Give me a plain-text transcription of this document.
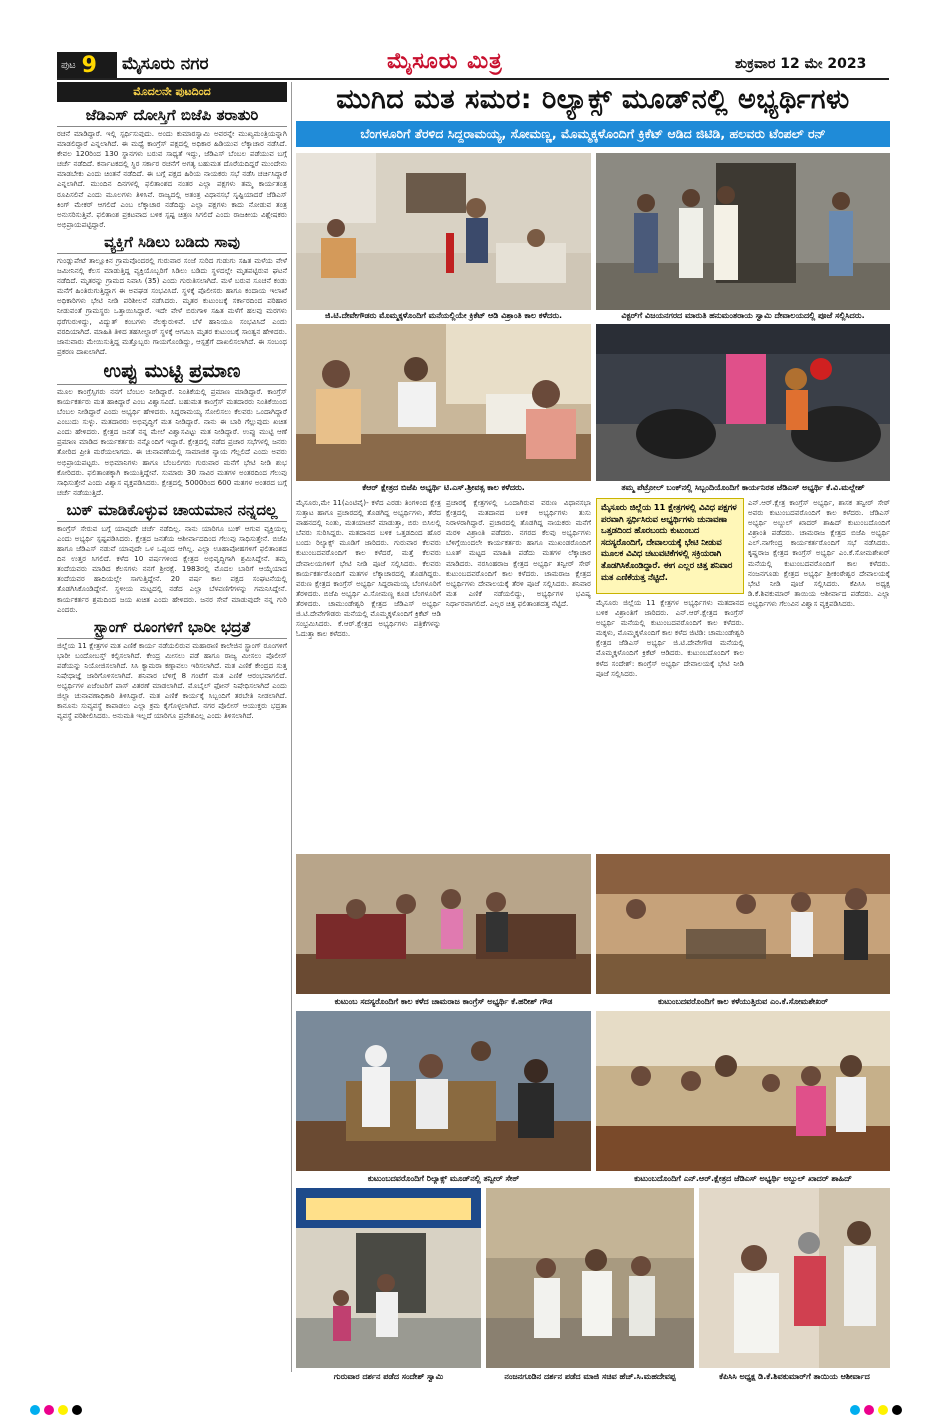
ಪುಟ 9 ಮೈಸೂರು ನಗರ	ಮೈಸೂರು ಮಿತ್ರ	ಶುಕ್ರವಾರ 12 ಮೇ 2023
ಮೊದಲನೇ ಪುಟದಿಂದ
ಜೆಡಿಎಸ್ ದೋಸ್ತಿಗೆ ಬಿಜೆಪಿ ತರಾತುರಿ

ರಚನೆ ಮಾಡಿದ್ದಾರೆ. ಇಲ್ಲಿ ಸ್ಪರ್ಧಿಸುವುದು. ಅಂದು ಕುಮಾರಸ್ವಾಮಿ ಅವರನ್ನೇ ಮುಖ್ಯಮಂತ್ರಿಯನ್ನಾಗಿ ಮಾಡಲಿದ್ದಾರೆ ಎನ್ನಲಾಗಿದೆ. ಈ ಮಧ್ಯೆ ಕಾಂಗ್ರೆಸ್ ಪಕ್ಷದಲ್ಲಿ ಅಧಿಕಾರ ಹಿಡಿಯುವ ಲೆಕ್ಕಾಚಾರ ನಡೆಸಿದೆ. ಕೇವಲ 120ರಿಂದ 130 ಸ್ಥಾನಗಳು ಬರುವ ಸಾಧ್ಯತೆ ಇದ್ದು, ಜೆಡಿಎಸ್ ಬೆಂಬಲ ಪಡೆಯುವ ಬಗ್ಗೆ ಚರ್ಚೆ ನಡೆದಿದೆ. ಕರ್ನಾಟಕದಲ್ಲಿ ಸ್ಥಿರ ಸರ್ಕಾರ ರಚನೆಗೆ ಅಗತ್ಯ ಬಹುಮತ ದೊರೆಯದಿದ್ದರೆ ಮುಂದೇನು ಮಾಡಬೇಕು ಎಂದು ಚಿಂತನೆ ನಡೆದಿದೆ. ಈ ಬಗ್ಗೆ ಪಕ್ಷದ ಹಿರಿಯ ನಾಯಕರು ಸಭೆ ನಡೆಸಿ ಚರ್ಚಿಸಿದ್ದಾರೆ ಎನ್ನಲಾಗಿದೆ. ಮುಂದಿನ ದಿನಗಳಲ್ಲಿ ಫಲಿತಾಂಶದ ನಂತರ ಎಲ್ಲಾ ಪಕ್ಷಗಳು ತಮ್ಮ ಕಾರ್ಯತಂತ್ರ ರೂಪಿಸಲಿವೆ ಎಂದು ಮೂಲಗಳು ತಿಳಿಸಿವೆ. ರಾಜ್ಯದಲ್ಲಿ ಅತಂತ್ರ ವಿಧಾನಸಭೆ ಸೃಷ್ಟಿಯಾದರೆ ಜೆಡಿಎಸ್ ಕಿಂಗ್ ಮೇಕರ್ ಆಗಲಿದೆ ಎಂಬ ಲೆಕ್ಕಾಚಾರ ನಡೆದಿದ್ದು ಎಲ್ಲಾ ಪಕ್ಷಗಳು ಕಾದು ನೋಡುವ ತಂತ್ರ ಅನುಸರಿಸುತ್ತಿವೆ. ಫಲಿತಾಂಶ ಪ್ರಕಟವಾದ ಬಳಿಕ ಸ್ಪಷ್ಟ ಚಿತ್ರಣ ಸಿಗಲಿದೆ ಎಂದು ರಾಜಕೀಯ ವಿಶ್ಲೇಷಕರು ಅಭಿಪ್ರಾಯಪಟ್ಟಿದ್ದಾರೆ.

ವ್ಯಕ್ತಿಗೆ ಸಿಡಿಲು ಬಡಿದು ಸಾವು

ಗುಂಡ್ಲುಪೇಟೆ ತಾಲ್ಲೂಕಿನ ಗ್ರಾಮವೊಂದರಲ್ಲಿ ಗುರುವಾರ ಸಂಜೆ ಸುರಿದ ಗುಡುಗು ಸಹಿತ ಮಳೆಯ ವೇಳೆ ಜಮೀನಿನಲ್ಲಿ ಕೆಲಸ ಮಾಡುತ್ತಿದ್ದ ವ್ಯಕ್ತಿಯೊಬ್ಬರಿಗೆ ಸಿಡಿಲು ಬಡಿದು ಸ್ಥಳದಲ್ಲೇ ಮೃತಪಟ್ಟಿರುವ ಘಟನೆ ನಡೆದಿದೆ. ಮೃತರನ್ನು ಗ್ರಾಮದ ನಿವಾಸಿ (35) ಎಂದು ಗುರುತಿಸಲಾಗಿದೆ. ಮಳೆ ಬರುವ ಸೂಚನೆ ಕಂಡು ಮನೆಗೆ ಹಿಂತಿರುಗುತ್ತಿದ್ದಾಗ ಈ ಅವಘಡ ಸಂಭವಿಸಿದೆ. ಸ್ಥಳಕ್ಕೆ ಪೊಲೀಸರು ಹಾಗೂ ಕಂದಾಯ ಇಲಾಖೆ ಅಧಿಕಾರಿಗಳು ಭೇಟಿ ನೀಡಿ ಪರಿಶೀಲನೆ ನಡೆಸಿದರು. ಮೃತರ ಕುಟುಂಬಕ್ಕೆ ಸರ್ಕಾರದಿಂದ ಪರಿಹಾರ ನೀಡುವಂತೆ ಗ್ರಾಮಸ್ಥರು ಒತ್ತಾಯಿಸಿದ್ದಾರೆ. ಇದೇ ವೇಳೆ ಬಿರುಗಾಳಿ ಸಹಿತ ಮಳೆಗೆ ಹಲವು ಮರಗಳು ಧರೆಗುರುಳಿದ್ದು, ವಿದ್ಯುತ್ ಕಂಬಗಳು ನೆಲಕ್ಕುರುಳಿವೆ. ಬೆಳೆ ಹಾನಿಯೂ ಸಂಭವಿಸಿದೆ ಎಂದು ವರದಿಯಾಗಿದೆ. ಮಾಹಿತಿ ತಿಳಿದ ತಹಸೀಲ್ದಾರ್ ಸ್ಥಳಕ್ಕೆ ಆಗಮಿಸಿ ಮೃತರ ಕುಟುಂಬಕ್ಕೆ ಸಾಂತ್ವನ ಹೇಳಿದರು. ಜಾನುವಾರು ಮೇಯಿಸುತ್ತಿದ್ದ ಮತ್ತೊಬ್ಬರು ಗಾಯಗೊಂಡಿದ್ದು, ಆಸ್ಪತ್ರೆಗೆ ದಾಖಲಿಸಲಾಗಿದೆ. ಈ ಸಂಬಂಧ ಪ್ರಕರಣ ದಾಖಲಾಗಿದೆ.

ಉಪ್ಪು ಮುಟ್ಟಿ ಪ್ರಮಾಣ

ಮೂಲ ಕಾಂಗ್ರೆಸ್ಸಿಗರು ನನಗೆ ಬೆಂಬಲ ನೀಡಿದ್ದಾರೆ. ನಿಂತಿಕೆಯಲ್ಲಿ ಪ್ರಮಾಣ ಮಾಡಿದ್ದಾರೆ. ಕಾಂಗ್ರೆಸ್ ಕಾರ್ಯಕರ್ತರು ಮತ ಹಾಕಿದ್ದಾರೆ ಎಂಬ ವಿಶ್ವಾಸವಿದೆ. ಬಹುಮತ ಕಾಂಗ್ರೆಸ್ ಮತದಾರರು ನಿಂತಿಕೆಯಿಂದ ಬೆಂಬಲ ನೀಡಿದ್ದಾರೆ ಎಂದು ಅಭ್ಯರ್ಥಿ ಹೇಳಿದರು. ಸಿದ್ದರಾಮಯ್ಯ ಸೋಲಿಸಲು ಕೆಲವರು ಒಂದಾಗಿದ್ದಾರೆ ಎಂಬುದು ಸುಳ್ಳು. ಮತದಾರರು ಅಭಿವೃದ್ಧಿಗೆ ಮತ ನೀಡಿದ್ದಾರೆ. ನಾನು ಈ ಬಾರಿ ಗೆಲ್ಲುವುದು ಖಚಿತ ಎಂದು ಹೇಳಿದರು. ಕ್ಷೇತ್ರದ ಜನತೆ ನನ್ನ ಮೇಲೆ ವಿಶ್ವಾಸವಿಟ್ಟು ಮತ ನೀಡಿದ್ದಾರೆ. ಉಪ್ಪು ಮುಟ್ಟಿ ಆಣೆ ಪ್ರಮಾಣ ಮಾಡಿದ ಕಾರ್ಯಕರ್ತರು ನನ್ನೊಂದಿಗೆ ಇದ್ದಾರೆ. ಕ್ಷೇತ್ರದಲ್ಲಿ ನಡೆದ ಪ್ರಚಾರ ಸಭೆಗಳಲ್ಲಿ ಜನರು ತೋರಿದ ಪ್ರೀತಿ ಮರೆಯಲಾಗದು. ಈ ಚುನಾವಣೆಯಲ್ಲಿ ಸಾಮಾಜಿಕ ನ್ಯಾಯ ಗೆಲ್ಲಲಿದೆ ಎಂದು ಅವರು ಅಭಿಪ್ರಾಯಪಟ್ಟರು. ಅಭಿಮಾನಿಗಳು ಹಾಗೂ ಬೆಂಬಲಿಗರು ಗುರುವಾರ ಮನೆಗೆ ಭೇಟಿ ನೀಡಿ ಶುಭ ಕೋರಿದರು. ಫಲಿತಾಂಶಕ್ಕಾಗಿ ಕಾಯುತ್ತಿದ್ದೇವೆ. ಸುಮಾರು 30 ಸಾವಿರ ಮತಗಳ ಅಂತರದಿಂದ ಗೆಲುವು ಸಾಧಿಸುತ್ತೇನೆ ಎಂದು ವಿಶ್ವಾಸ ವ್ಯಕ್ತಪಡಿಸಿದರು. ಕ್ಷೇತ್ರದಲ್ಲಿ 5000ರಿಂದ 600 ಮತಗಳ ಅಂತರದ ಬಗ್ಗೆ ಚರ್ಚೆ ನಡೆಯುತ್ತಿದೆ.

ಬುಕ್ ಮಾಡಿಕೊಳ್ಳುವ ಚಾಯಮಾನ ನನ್ನದಲ್ಲ

ಕಾಂಗ್ರೆಸ್ ಸೇರುವ ಬಗ್ಗೆ ಯಾವುದೇ ಚರ್ಚೆ ನಡೆದಿಲ್ಲ. ನಾನು ಯಾರಿಗೂ ಬುಕ್ ಆಗುವ ವ್ಯಕ್ತಿಯಲ್ಲ ಎಂದು ಅಭ್ಯರ್ಥಿ ಸ್ಪಷ್ಟಪಡಿಸಿದರು. ಕ್ಷೇತ್ರದ ಜನತೆಯ ಆಶೀರ್ವಾದದಿಂದ ಗೆಲುವು ಸಾಧಿಸುತ್ತೇನೆ. ಬಿಜೆಪಿ ಹಾಗೂ ಜೆಡಿಎಸ್ ನಡುವೆ ಯಾವುದೇ ಒಳ ಒಪ್ಪಂದ ಆಗಿಲ್ಲ. ಎಲ್ಲಾ ಊಹಾಪೋಹಗಳಿಗೆ ಫಲಿತಾಂಶದ ದಿನ ಉತ್ತರ ಸಿಗಲಿದೆ. ಕಳೆದ 10 ವರ್ಷಗಳಿಂದ ಕ್ಷೇತ್ರದ ಅಭಿವೃದ್ಧಿಗಾಗಿ ಶ್ರಮಿಸಿದ್ದೇನೆ. ತಮ್ಮ ತಂದೆಯವರು ಮಾಡಿದ ಕೆಲಸಗಳು ನನಗೆ ಶ್ರೀರಕ್ಷೆ. 1983ರಲ್ಲಿ ಮೊದಲ ಬಾರಿಗೆ ಆಯ್ಕೆಯಾದ ತಂದೆಯವರ ಹಾದಿಯಲ್ಲೇ ಸಾಗುತ್ತಿದ್ದೇನೆ. 20 ವರ್ಷ ಕಾಲ ಪಕ್ಷದ ಸಂಘಟನೆಯಲ್ಲಿ ತೊಡಗಿಸಿಕೊಂಡಿದ್ದೇನೆ. ಸ್ಥಳೀಯ ಮಟ್ಟದಲ್ಲಿ ನಡೆದ ಎಲ್ಲಾ ಬೆಳವಣಿಗೆಗಳನ್ನು ಗಮನಿಸಿದ್ದೇನೆ. ಕಾರ್ಯಕರ್ತರ ಶ್ರಮದಿಂದ ಜಯ ಖಚಿತ ಎಂದು ಹೇಳಿದರು. ಜನರ ಸೇವೆ ಮಾಡುವುದೇ ನನ್ನ ಗುರಿ ಎಂದರು.

ಸ್ಟ್ರಾಂಗ್ ರೂಂಗಳಿಗೆ ಭಾರೀ ಭದ್ರತೆ

ಜಿಲ್ಲೆಯ 11 ಕ್ಷೇತ್ರಗಳ ಮತ ಎಣಿಕೆ ಕಾರ್ಯ ನಡೆಯಲಿರುವ ಮಹಾರಾಣಿ ಕಾಲೇಜಿನ ಸ್ಟ್ರಾಂಗ್ ರೂಂಗಳಿಗೆ ಭಾರೀ ಬಂದೋಬಸ್ತ್ ಕಲ್ಪಿಸಲಾಗಿದೆ. ಕೇಂದ್ರ ಮೀಸಲು ಪಡೆ ಹಾಗೂ ರಾಜ್ಯ ಮೀಸಲು ಪೊಲೀಸ್ ಪಡೆಯನ್ನು ನಿಯೋಜಿಸಲಾಗಿದೆ. ಸಿಸಿ ಕ್ಯಾಮರಾ ಕಣ್ಗಾವಲು ಇರಿಸಲಾಗಿದೆ. ಮತ ಎಣಿಕೆ ಕೇಂದ್ರದ ಸುತ್ತ ನಿಷೇಧಾಜ್ಞೆ ಜಾರಿಗೊಳಿಸಲಾಗಿದೆ. ಶನಿವಾರ ಬೆಳಿಗ್ಗೆ 8 ಗಂಟೆಗೆ ಮತ ಎಣಿಕೆ ಆರಂಭವಾಗಲಿದೆ. ಅಭ್ಯರ್ಥಿಗಳ ಏಜೆಂಟರಿಗೆ ಪಾಸ್ ವಿತರಣೆ ಮಾಡಲಾಗಿದೆ. ಮೊಬೈಲ್ ಫೋನ್ ನಿಷೇಧಿಸಲಾಗಿದೆ ಎಂದು ಜಿಲ್ಲಾ ಚುನಾವಣಾಧಿಕಾರಿ ತಿಳಿಸಿದ್ದಾರೆ. ಮತ ಎಣಿಕೆ ಕಾರ್ಯಕ್ಕೆ ಸಿಬ್ಬಂದಿಗೆ ತರಬೇತಿ ನೀಡಲಾಗಿದೆ. ಕಾನೂನು ಸುವ್ಯವಸ್ಥೆ ಕಾಪಾಡಲು ಎಲ್ಲಾ ಕ್ರಮ ಕೈಗೊಳ್ಳಲಾಗಿದೆ. ನಗರ ಪೊಲೀಸ್ ಆಯುಕ್ತರು ಭದ್ರತಾ ವ್ಯವಸ್ಥೆ ಪರಿಶೀಲಿಸಿದರು. ಅನುಮತಿ ಇಲ್ಲದೆ ಯಾರಿಗೂ ಪ್ರವೇಶವಿಲ್ಲ ಎಂದು ತಿಳಿಸಲಾಗಿದೆ.

ಮುಗಿದ ಮತ ಸಮರ: ರಿಲ್ಯಾಕ್ಸ್ ಮೂಡ್‌ನಲ್ಲಿ ಅಭ್ಯರ್ಥಿಗಳು
ಬೆಂಗಳೂರಿಗೆ ತೆರಳಿದ ಸಿದ್ದರಾಮಯ್ಯ, ಸೋಮಣ್ಣ, ಮೊಮ್ಮಕ್ಕಳೊಂದಿಗೆ ಕ್ರಿಕೆಟ್ ಆಡಿದ ಜಿಟಿಡಿ, ಹಲವರು ಟೆಂಪಲ್ ರನ್
ಜಿ.ಟಿ.ದೇವೇಗೌಡರು ಮೊಮ್ಮಕ್ಕಳೊಂದಿಗೆ ಮನೆಯಲ್ಲಿಯೇ ಕ್ರಿಕೆಟ್ ಆಡಿ ವಿಶ್ರಾಂತಿ ಕಾಲ ಕಳೆದರು.	ವಿಕ್ಟರ್‌ಗೆ ವಿಜಯನಗರದ ಮಾರುತಿ ಹನುಮಂತರಾಯ ಸ್ವಾಮಿ ದೇವಾಲಯದಲ್ಲಿ ಪೂಜೆ ಸಲ್ಲಿಸಿದರು.
ಕೆಆರ್ ಕ್ಷೇತ್ರದ ಬಿಜೆಪಿ ಅಭ್ಯರ್ಥಿ ಟಿ.ಎಸ್.ಶ್ರೀವತ್ಸ ಕಾಲ ಕಳೆದರು.	ತಮ್ಮ ಪೆಟ್ರೋಲ್ ಬಂಕ್‌ನಲ್ಲಿ ಸಿಬ್ಬಂದಿಯೊಂದಿಗೆ ಕಾರ್ಯನಿರತ ಜೆಡಿಎಸ್ ಅಭ್ಯರ್ಥಿ ಕೆ.ವಿ.ಮಲ್ಲೇಶ್
ಮೈಸೂರು,ಮೇ 11(ಎಂಟಿವೈ)- ಕಳೆದ ಎರಡು ತಿಂಗಳಿಂದ ಕ್ಷೇತ್ರ ಸುತ್ತಾಟ ಹಾಗೂ ಪ್ರಚಾರದಲ್ಲಿ ತೊಡಗಿದ್ದ ಅಭ್ಯರ್ಥಿಗಳು, ತೆರೆದ ವಾಹನದಲ್ಲಿ ನಿಂತು, ಮತಯಾಚನೆ ಮಾಡುತ್ತಾ, ಬಿರು ಬಿಸಿಲಲ್ಲಿ ಬೆವರು ಸುರಿಸಿದ್ದರು. ಮತದಾನದ ಬಳಿಕ ಒತ್ತಡದಿಂದ ಹೊರ ಬಂದು ರಿಲ್ಯಾಕ್ಸ್ ಮೂಡಿಗೆ ಜಾರಿದರು. ಗುರುವಾರ ಕೆಲವರು ಕುಟುಂಬದವರೊಂದಿಗೆ ಕಾಲ ಕಳೆದರೆ, ಮತ್ತೆ ಕೆಲವರು ದೇವಾಲಯಗಳಿಗೆ ಭೇಟಿ ನೀಡಿ ಪೂಜೆ ಸಲ್ಲಿಸಿದರು. ಕೆಲವರು ಕಾರ್ಯಕರ್ತರೊಂದಿಗೆ ಮತಗಳ ಲೆಕ್ಕಾಚಾರದಲ್ಲಿ ತೊಡಗಿದ್ದರು. ವರುಣ ಕ್ಷೇತ್ರದ ಕಾಂಗ್ರೆಸ್ ಅಭ್ಯರ್ಥಿ ಸಿದ್ದರಾಮಯ್ಯ ಬೆಂಗಳೂರಿಗೆ ತೆರಳಿದರು. ಬಿಜೆಪಿ ಅಭ್ಯರ್ಥಿ ವಿ.ಸೋಮಣ್ಣ ಕೂಡ ಬೆಂಗಳೂರಿಗೆ ತೆರಳಿದರು. ಚಾಮುಂಡೇಶ್ವರಿ ಕ್ಷೇತ್ರದ ಜೆಡಿಎಸ್ ಅಭ್ಯರ್ಥಿ ಜಿ.ಟಿ.ದೇವೇಗೌಡರು ಮನೆಯಲ್ಲಿ ಮೊಮ್ಮಕ್ಕಳೊಂದಿಗೆ ಕ್ರಿಕೆಟ್ ಆಡಿ ಸಂಭ್ರಮಿಸಿದರು. ಕೆ.ಆರ್.ಕ್ಷೇತ್ರದ ಅಭ್ಯರ್ಥಿಗಳು ಪತ್ರಿಕೆಗಳನ್ನು ಓದುತ್ತಾ ಕಾಲ ಕಳೆದರು.
ಪ್ರಚಾರಕ್ಕೆ ಕ್ಷೇತ್ರಗಳಲ್ಲಿ ಒಂದಾಗಿರುವ ವರುಣ ವಿಧಾನಸಭಾ ಕ್ಷೇತ್ರದಲ್ಲಿ ಮತದಾನದ ಬಳಿಕ ಅಭ್ಯರ್ಥಿಗಳು ತುಸು ನಿರಾಳರಾಗಿದ್ದಾರೆ. ಪ್ರಚಾರದಲ್ಲಿ ತೊಡಗಿದ್ದ ನಾಯಕರು ಮನೆಗೆ ಮರಳಿ ವಿಶ್ರಾಂತಿ ಪಡೆದರು. ನಗರದ ಕೆಲವು ಅಭ್ಯರ್ಥಿಗಳು ಬೆಳಿಗ್ಗೆಯಿಂದಲೇ ಕಾರ್ಯಕರ್ತರು ಹಾಗೂ ಮುಖಂಡರೊಂದಿಗೆ ಬೂತ್ ಮಟ್ಟದ ಮಾಹಿತಿ ಪಡೆದು ಮತಗಳ ಲೆಕ್ಕಾಚಾರ ಮಾಡಿದರು. ನರಸಿಂಹರಾಜ ಕ್ಷೇತ್ರದ ಅಭ್ಯರ್ಥಿ ತನ್ವೀರ್ ಸೇಠ್ ಕುಟುಂಬದವರೊಂದಿಗೆ ಕಾಲ ಕಳೆದರು. ಚಾಮರಾಜ ಕ್ಷೇತ್ರದ ಅಭ್ಯರ್ಥಿಗಳು ದೇವಾಲಯಕ್ಕೆ ತೆರಳಿ ಪೂಜೆ ಸಲ್ಲಿಸಿದರು. ಶನಿವಾರ ಮತ ಎಣಿಕೆ ನಡೆಯಲಿದ್ದು, ಅಭ್ಯರ್ಥಿಗಳ ಭವಿಷ್ಯ ನಿರ್ಧಾರವಾಗಲಿದೆ. ಎಲ್ಲರ ಚಿತ್ತ ಫಲಿತಾಂಶದತ್ತ ನೆಟ್ಟಿದೆ.
ಮೈಸೂರು ಜಿಲ್ಲೆಯ 11 ಕ್ಷೇತ್ರಗಳಲ್ಲಿ ವಿವಿಧ ಪಕ್ಷಗಳ ಪರವಾಗಿ ಸ್ಪರ್ಧಿಸಿರುವ ಅಭ್ಯರ್ಥಿಗಳು ಚುನಾವಣಾ ಒತ್ತಡದಿಂದ ಹೊರಬಂದು ಕುಟುಂಬದ ಸದಸ್ಯರೊಂದಿಗೆ, ದೇವಾಲಯಕ್ಕೆ ಭೇಟಿ ನೀಡುವ ಮೂಲಕ ವಿವಿಧ ಚಟುವಟಿಕೆಗಳಲ್ಲಿ ಸಕ್ರಿಯರಾಗಿ ತೊಡಗಿಸಿಕೊಂಡಿದ್ದಾರೆ. ಈಗ ಎಲ್ಲರ ಚಿತ್ತ ಶನಿವಾರ ಮತ ಎಣಿಕೆಯತ್ತ ನೆಟ್ಟಿದೆ.
ಮೈಸೂರು ಜಿಲ್ಲೆಯ 11 ಕ್ಷೇತ್ರಗಳ ಅಭ್ಯರ್ಥಿಗಳು ಮತದಾನದ ಬಳಿಕ ವಿಶ್ರಾಂತಿಗೆ ಜಾರಿದರು. ಎನ್.ಆರ್.ಕ್ಷೇತ್ರದ ಕಾಂಗ್ರೆಸ್ ಅಭ್ಯರ್ಥಿ ಮನೆಯಲ್ಲಿ ಕುಟುಂಬದವರೊಂದಿಗೆ ಕಾಲ ಕಳೆದರು. ಮಕ್ಕಳು, ಮೊಮ್ಮಕ್ಕಳೊಂದಿಗೆ ಕಾಲ ಕಳೆದ ಜಿಟಿಡಿ: ಚಾಮುಂಡೇಶ್ವರಿ ಕ್ಷೇತ್ರದ ಜೆಡಿಎಸ್ ಅಭ್ಯರ್ಥಿ ಜಿ.ಟಿ.ದೇವೇಗೌಡ ಮನೆಯಲ್ಲಿ ಮೊಮ್ಮಕ್ಕಳೊಂದಿಗೆ ಕ್ರಿಕೆಟ್ ಆಡಿದರು. ಕುಟುಂಬದೊಂದಿಗೆ ಕಾಲ ಕಳೆದ ಸಂದೇಶ್: ಕಾಂಗ್ರೆಸ್ ಅಭ್ಯರ್ಥಿ ದೇವಾಲಯಕ್ಕೆ ಭೇಟಿ ನೀಡಿ ಪೂಜೆ ಸಲ್ಲಿಸಿದರು.
ಎನ್.ಆರ್.ಕ್ಷೇತ್ರ ಕಾಂಗ್ರೆಸ್ ಅಭ್ಯರ್ಥಿ, ಶಾಸಕ ತನ್ವೀರ್ ಸೇಠ್ ಅವರು ಕುಟುಂಬದವರೊಂದಿಗೆ ಕಾಲ ಕಳೆದರು. ಜೆಡಿಎಸ್ ಅಭ್ಯರ್ಥಿ ಅಬ್ದುಲ್ ಖಾದರ್ ಶಾಹಿದ್ ಕುಟುಂಬದೊಂದಿಗೆ ವಿಶ್ರಾಂತಿ ಪಡೆದರು. ಚಾಮರಾಜ ಕ್ಷೇತ್ರದ ಬಿಜೆಪಿ ಅಭ್ಯರ್ಥಿ ಎಲ್.ನಾಗೇಂದ್ರ ಕಾರ್ಯಕರ್ತರೊಂದಿಗೆ ಸಭೆ ನಡೆಸಿದರು. ಕೃಷ್ಣರಾಜ ಕ್ಷೇತ್ರದ ಕಾಂಗ್ರೆಸ್ ಅಭ್ಯರ್ಥಿ ಎಂ.ಕೆ.ಸೋಮಶೇಖರ್ ಮನೆಯಲ್ಲಿ ಕುಟುಂಬದವರೊಂದಿಗೆ ಕಾಲ ಕಳೆದರು. ನಂಜನಗೂಡು ಕ್ಷೇತ್ರದ ಅಭ್ಯರ್ಥಿ ಶ್ರೀಕಂಠೇಶ್ವರ ದೇವಾಲಯಕ್ಕೆ ಭೇಟಿ ನೀಡಿ ಪೂಜೆ ಸಲ್ಲಿಸಿದರು. ಕೆಪಿಸಿಸಿ ಅಧ್ಯಕ್ಷ ಡಿ.ಕೆ.ಶಿವಕುಮಾರ್ ತಾಯಿಯ ಆಶೀರ್ವಾದ ಪಡೆದರು. ಎಲ್ಲಾ ಅಭ್ಯರ್ಥಿಗಳು ಗೆಲುವಿನ ವಿಶ್ವಾಸ ವ್ಯಕ್ತಪಡಿಸಿದರು.
ಕುಟುಂಬ ಸದಸ್ಯರೊಂದಿಗೆ ಕಾಲ ಕಳೆದ ಚಾಮರಾಜ ಕಾಂಗ್ರೆಸ್ ಅಭ್ಯರ್ಥಿ ಕೆ.ಹರೀಶ್ ಗೌಡ	ಕುಟುಂಬದವರೊಂದಿಗೆ ಕಾಲ ಕಳೆಯುತ್ತಿರುವ ಎಂ.ಕೆ.ಸೋಮಶೇಖರ್
ಕುಟುಂಬದವರೊಂದಿಗೆ ರಿಲ್ಯಾಕ್ಸ್ ಮೂಡ್‌ನಲ್ಲಿ ತನ್ವೀರ್ ಸೇಠ್	ಕುಟುಂಬದೊಂದಿಗೆ ಎನ್.ಆರ್.ಕ್ಷೇತ್ರದ ಜೆಡಿಎಸ್ ಅಭ್ಯರ್ಥಿ ಅಬ್ದುಲ್ ಖಾದರ್ ಶಾಹಿದ್
ಗುರುವಾರ ದರ್ಶನ ಪಡೆದ ಸಂದೇಶ್ ಸ್ವಾಮಿ	ನಂಜನಗೂಡಿನ ದರ್ಶನ ಪಡೆದ ಮಾಜಿ ಸಚಿವ ಹೆಚ್.ಸಿ.ಮಹದೇವಪ್ಪ	ಕೆಪಿಸಿಸಿ ಅಧ್ಯಕ್ಷ ಡಿ.ಕೆ.ಶಿವಕುಮಾರ್‌ಗೆ ತಾಯಿಯ ಆಶೀರ್ವಾದ
